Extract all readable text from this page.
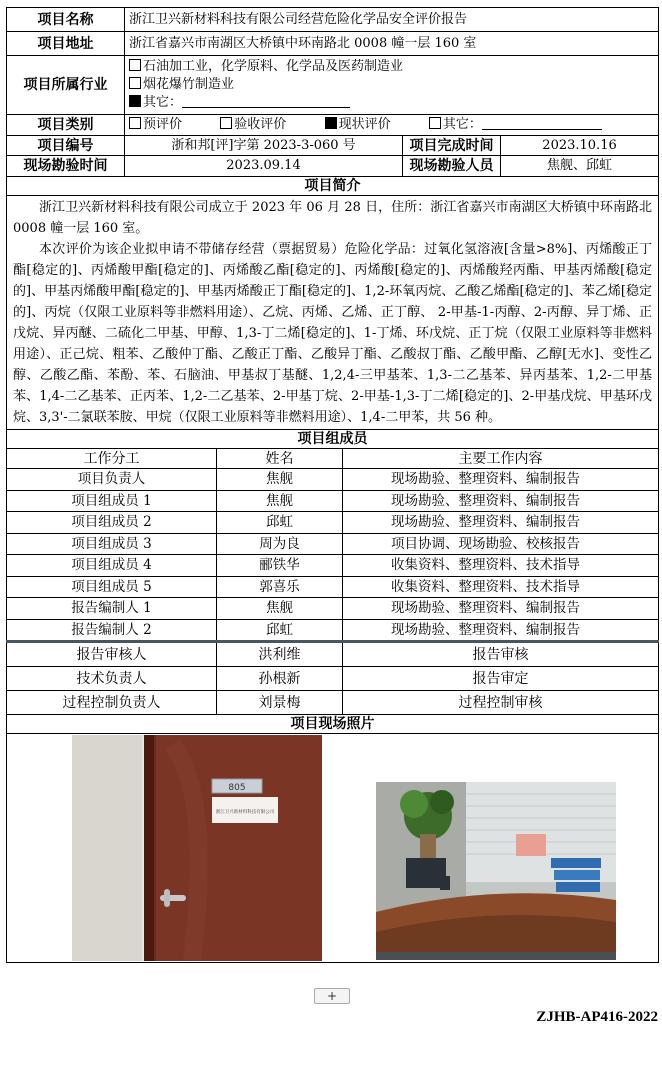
项目名称	浙江卫兴新材料科技有限公司经营危险化学品安全评价报告		
项目地址	浙江省嘉兴市南湖区大桥镇中环南路北 0008 幢一层 160 室		
项目所属行业	石油加工业，化学原料、化学品及医药制造业
烟花爆竹制造业
其它：		

项目类别	预评价 验收评价 现状评价 其它：		
项目编号	浙和邦[评]字第 2023-3-060 号	项目完成时间	2023.10.16
现场勘验时间	2023.09.14	现场勘验人员	焦舰、邱虹
项目简介			

浙江卫兴新材料科技有限公司成立于 2023 年 06 月 28 日，住所：浙江省嘉兴市南湖区大桥镇中环南路北 0008 幢一层 160 室。

本次评价为该企业拟申请不带储存经营（票据贸易）危险化学品：过氧化氢溶液[含量>8%]、丙烯酸正丁酯[稳定的]、丙烯酸甲酯[稳定的]、丙烯酸乙酯[稳定的]、丙烯酸[稳定的]、丙烯酸羟丙酯、甲基丙烯酸[稳定的]、甲基丙烯酸甲酯[稳定的]、甲基丙烯酸正丁酯[稳定的]、1,2-环氧丙烷、乙酸乙烯酯[稳定的]、苯乙烯[稳定的]、丙烷（仅限工业原料等非燃料用途）、乙烷、丙烯、乙烯、正丁醇、 2-甲基-1-丙醇、2-丙醇、异丁烯、正戊烷、异丙醚、二硫化二甲基、甲醇、1,3-丁二烯[稳定的]、1-丁烯、环戊烷、正丁烷（仅限工业原料等非燃料用途）、正己烷、粗苯、乙酸仲丁酯、乙酸正丁酯、乙酸异丁酯、乙酸叔丁酯、乙酸甲酯、乙醇[无水]、变性乙醇、乙酸乙酯、苯酚、苯、石脑油、甲基叔丁基醚、1,2,4-三甲基苯、1,3-二乙基苯、异丙基苯、1,2-二甲基苯、1,4-二乙基苯、正丙苯、1,2-二乙基苯、2-甲基丁烷、2-甲基-1,3-丁二烯[稳定的]、2-甲基戊烷、甲基环戊烷、3,3'-二氯联苯胺、甲烷（仅限工业原料等非燃料用途）、1,4-二甲苯，共 56 种。			

项目组成员			
工作分工	姓名	主要工作内容
项目负责人	焦舰	现场勘验、整理资料、编制报告
项目组成员 1	焦舰	现场勘验、整理资料、编制报告
项目组成员 2	邱虹	现场勘验、整理资料、编制报告
项目组成员 3	周为良	项目协调、现场勘验、校核报告
项目组成员 4	郦铁华	收集资料、整理资料、技术指导
项目组成员 5	郭喜乐	收集资料、整理资料、技术指导
报告编制人 1	焦舰	现场勘验、整理资料、编制报告
报告编制人 2	邱虹	现场勘验、整理资料、编制报告
报告审核人	洪利维	报告审核
技术负责人	孙根新	报告审定
过程控制负责人	刘景梅	过程控制审核
项目现场照片		

805
浙江卫兴新材料科技有限公司		
+
ZJHB-AP416-2022
